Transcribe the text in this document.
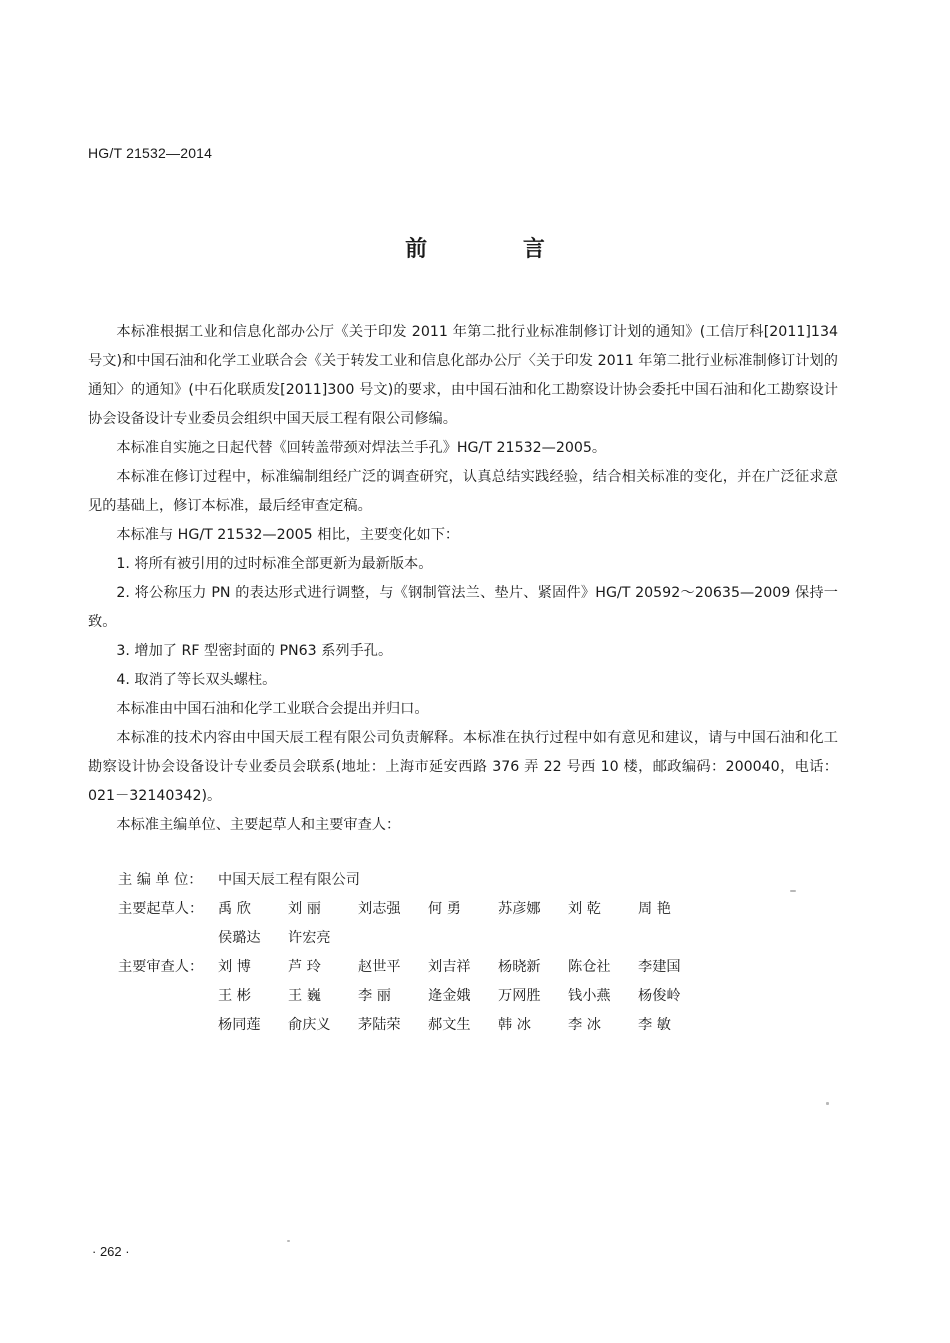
HG/T 21532—2014
前 言

本标准根据工业和信息化部办公厅《关于印发 2011 年第二批行业标准制修订计划的通知》(工信厅科[2011]134 号文)和中国石油和化学工业联合会《关于转发工业和信息化部办公厅〈关于印发 2011 年第二批行业标准制修订计划的通知〉的通知》(中石化联质发[2011]300 号文)的要求，由中国石油和化工勘察设计协会委托中国石油和化工勘察设计协会设备设计专业委员会组织中国天辰工程有限公司修编。

本标准自实施之日起代替《回转盖带颈对焊法兰手孔》HG/T 21532—2005。

本标准在修订过程中，标准编制组经广泛的调查研究，认真总结实践经验，结合相关标准的变化，并在广泛征求意见的基础上，修订本标准，最后经审查定稿。

本标准与 HG/T 21532—2005 相比，主要变化如下：

1. 将所有被引用的过时标准全部更新为最新版本。

2. 将公称压力 PN 的表达形式进行调整，与《钢制管法兰、垫片、紧固件》HG/T 20592～20635—2009 保持一致。

3. 增加了 RF 型密封面的 PN63 系列手孔。

4. 取消了等长双头螺柱。

本标准由中国石油和化学工业联合会提出并归口。

本标准的技术内容由中国天辰工程有限公司负责解释。本标准在执行过程中如有意见和建议，请与中国石油和化工勘察设计协会设备设计专业委员会联系(地址：上海市延安西路 376 弄 22 号西 10 楼，邮政编码：200040，电话：021－32140342)。

本标准主编单位、主要起草人和主要审查人：

主 编 单 位：	中国天辰工程有限公司
主要起草人：	禹 欣	刘 丽	刘志强	何 勇	苏彦娜	刘 乾	周 艳
侯璐达	许宏亮
主要审查人：	刘 博	芦 玲	赵世平	刘吉祥	杨晓新	陈仓社	李建国
王 彬	王 巍	李 丽	逄金娥	万网胜	钱小燕	杨俊岭
杨同莲	俞庆义	茅陆荣	郝文生	韩 冰	李 冰	李 敏
· 262 ·
